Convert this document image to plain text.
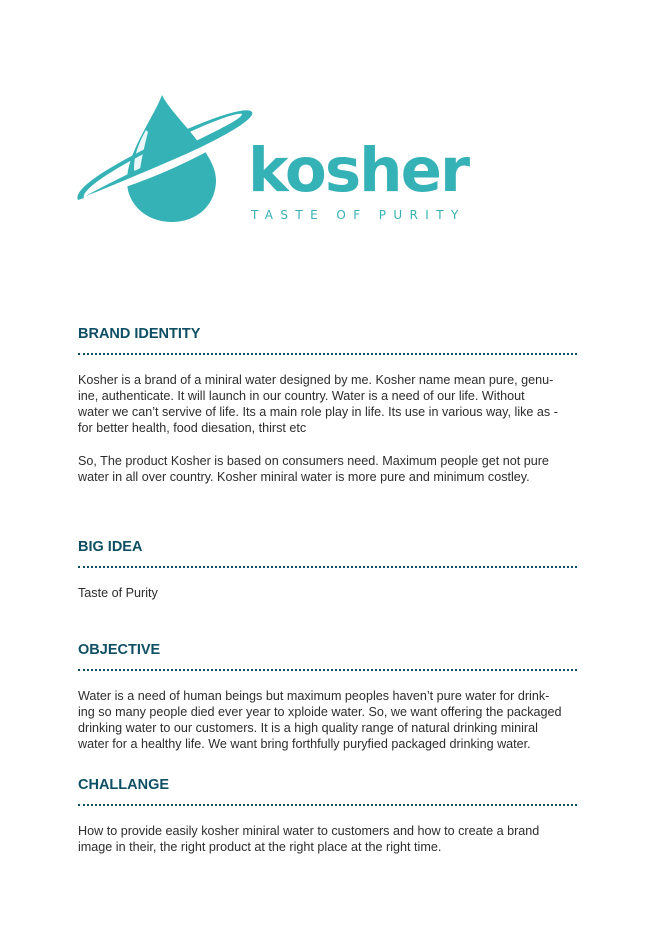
kosher

TASTE OF PURITY

BRAND IDENTITY

Kosher is a brand of a miniral water designed by me. Kosher name mean pure, genu-
ine, authenticate. It will launch in our country. Water is a need of our life. Without
water we can’t servive of life. Its a main role play in life. Its use in various way, like as -
for better health, food diesation, thirst etc

So, The product Kosher is based on consumers need. Maximum people get not pure
water in all over country. Kosher miniral water is more pure and minimum costley.

BIG IDEA

Taste of Purity

OBJECTIVE

Water is a need of human beings but maximum peoples haven’t pure water for drink-
ing so many people died ever year to xploide water. So, we want offering the packaged
drinking water to our customers. It is a high quality range of natural drinking miniral
water for a healthy life. We want bring forthfully puryfied packaged drinking water.

CHALLANGE

How to provide easily kosher miniral water to customers and how to create a brand
image in their, the right product at the right place at the right time.
